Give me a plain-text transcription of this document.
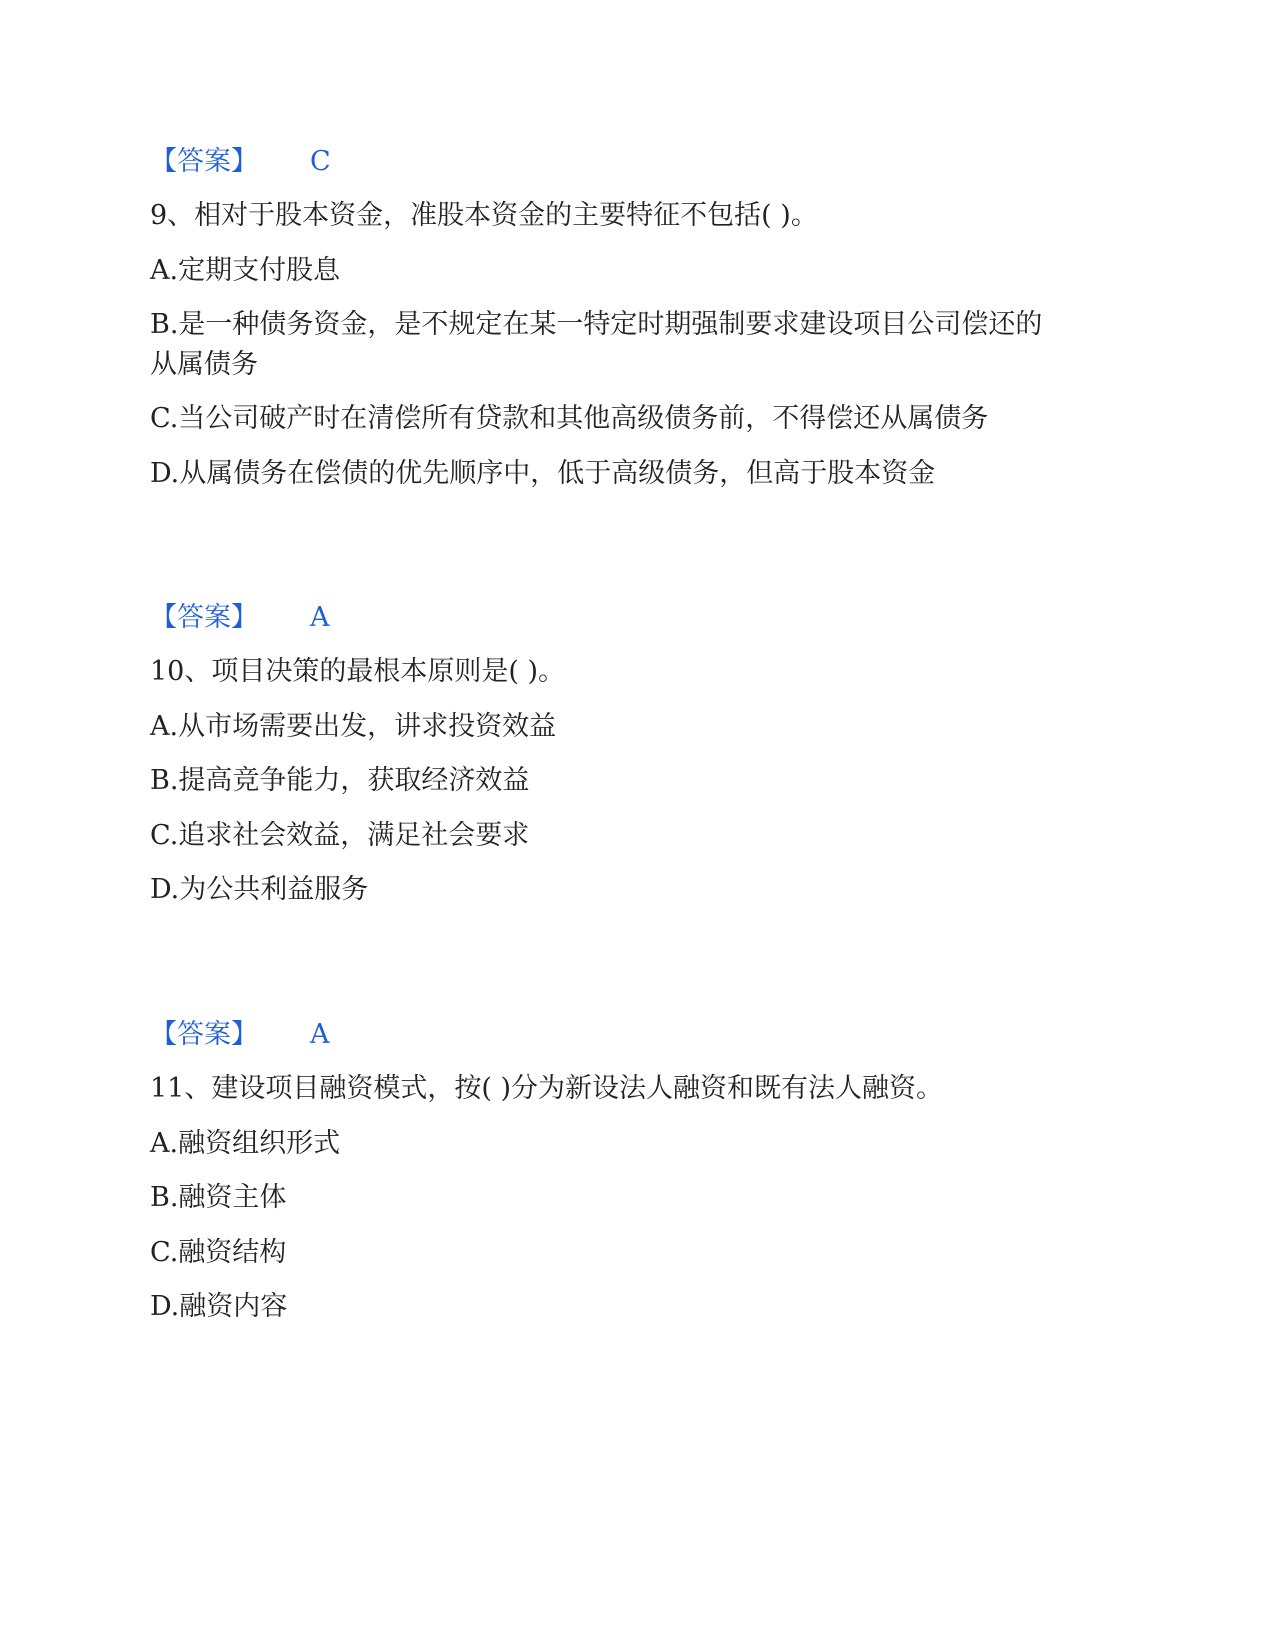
【答案】 C
9、相对于股本资金，准股本资金的主要特征不包括( )。
A.定期支付股息
B.是一种债务资金，是不规定在某一特定时期强制要求建设项目公司偿还的
从属债务
C.当公司破产时在清偿所有贷款和其他高级债务前，不得偿还从属债务
D.从属债务在偿债的优先顺序中，低于高级债务，但高于股本资金
【答案】 A
10、项目决策的最根本原则是( )。
A.从市场需要出发，讲求投资效益
B.提高竞争能力，获取经济效益
C.追求社会效益，满足社会要求
D.为公共利益服务
【答案】 A
11、建设项目融资模式，按( )分为新设法人融资和既有法人融资。
A.融资组织形式
B.融资主体
C.融资结构
D.融资内容
